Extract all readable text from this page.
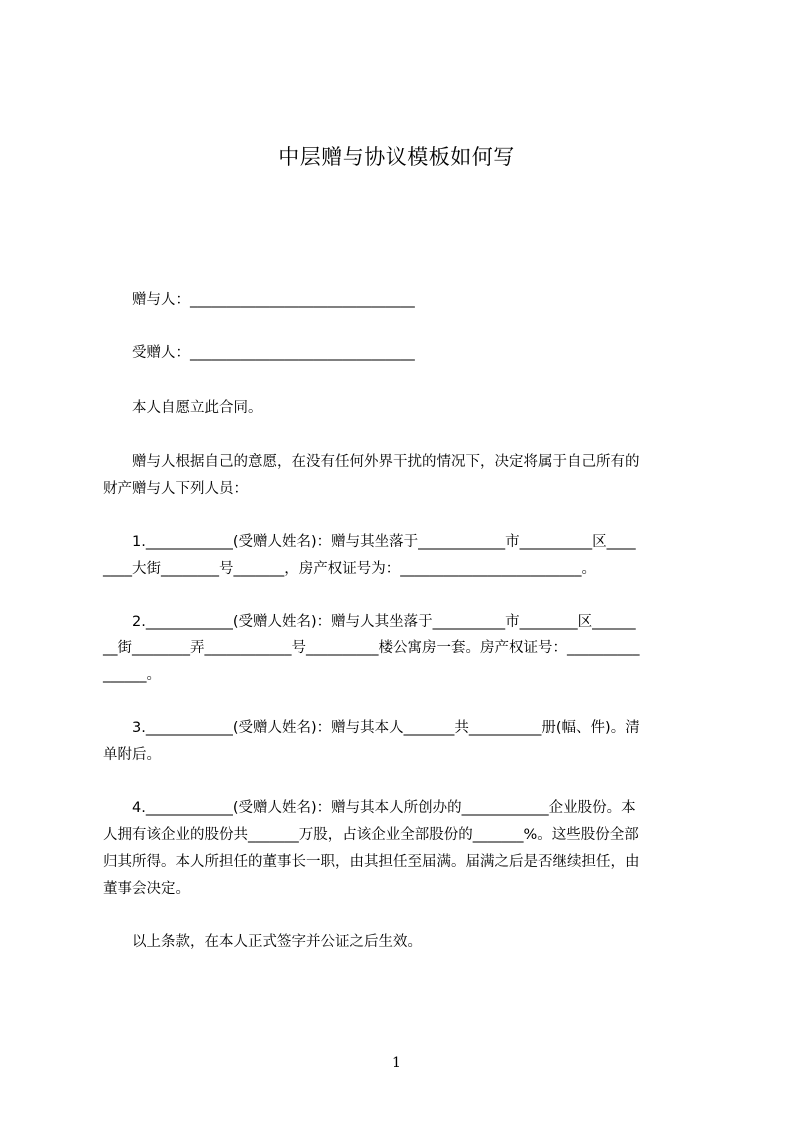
中层赠与协议模板如何写
　　赠与人：_______________________________
　　受赠人：_______________________________
　　本人自愿立此合同。
　　赠与人根据自己的意愿，在没有任何外界干扰的情况下，决定将属于自己所有的
财产赠与人下列人员：
　　1.____________(受赠人姓名)：赠与其坐落于____________市__________区____
____大街________号_______，房产权证号为：_________________________。
　　2.____________(受赠人姓名)：赠与人其坐落于__________市________区______
__街________弄____________号__________楼公寓房一套。房产权证号：__________
______。
　　3.____________(受赠人姓名)：赠与其本人_______共__________册(幅、件)。清
单附后。
　　4.____________(受赠人姓名)：赠与其本人所创办的____________企业股份。本
人拥有该企业的股份共_______万股，占该企业全部股份的_______%。这些股份全部
归其所得。本人所担任的董事长一职，由其担任至届满。届满之后是否继续担任，由
董事会决定。
　　以上条款，在本人正式签字并公证之后生效。
1
